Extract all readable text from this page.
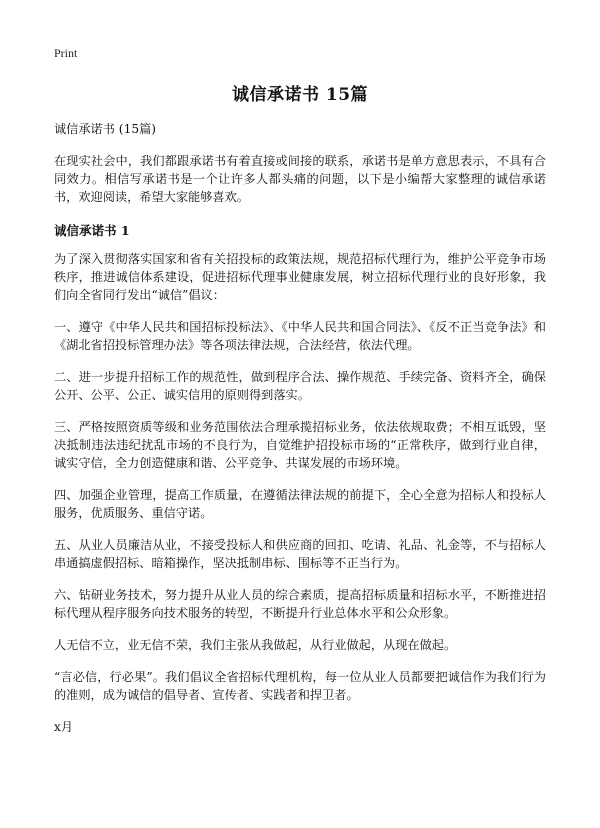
Print
诚信承诺书 15篇

诚信承诺书 (15篇)

在现实社会中，我们都跟承诺书有着直接或间接的联系，承诺书是单方意思表示，不具有合同效力。相信写承诺书是一个让许多人都头痛的问题，以下是小编帮大家整理的诚信承诺书，欢迎阅读，希望大家能够喜欢。

诚信承诺书 1

为了深入贯彻落实国家和省有关招投标的政策法规，规范招标代理行为，维护公平竞争市场秩序，推进诚信体系建设，促进招标代理事业健康发展，树立招标代理行业的良好形象，我们向全省同行发出“诚信”倡议：

一、遵守《中华人民共和国招标投标法》、《中华人民共和国合同法》、《反不正当竞争法》和《湖北省招投标管理办法》等各项法律法规，合法经营，依法代理。

二、进一步提升招标工作的规范性，做到程序合法、操作规范、手续完备、资料齐全，确保公开、公平、公正、诚实信用的原则得到落实。

三、严格按照资质等级和业务范围依法合理承揽招标业务，依法依规取费；不相互诋毁，坚决抵制违法违纪扰乱市场的不良行为，自觉维护招投标市场的“正常秩序，做到行业自律，诚实守信，全力创造健康和谐、公平竞争、共谋发展的市场环境。

四、加强企业管理，提高工作质量，在遵循法律法规的前提下，全心全意为招标人和投标人服务，优质服务、重信守诺。

五、从业人员廉洁从业，不接受投标人和供应商的回扣、吃请、礼品、礼金等，不与招标人串通搞虚假招标、暗箱操作，坚决抵制串标、围标等不正当行为。

六、钻研业务技术，努力提升从业人员的综合素质，提高招标质量和招标水平，不断推进招标代理从程序服务向技术服务的转型，不断提升行业总体水平和公众形象。

人无信不立，业无信不荣，我们主张从我做起，从行业做起，从现在做起。

“言必信，行必果”。我们倡议全省招标代理机构，每一位从业人员都要把诚信作为我们行为的准则，成为诚信的倡导者、宣传者、实践者和捍卫者。

x月
